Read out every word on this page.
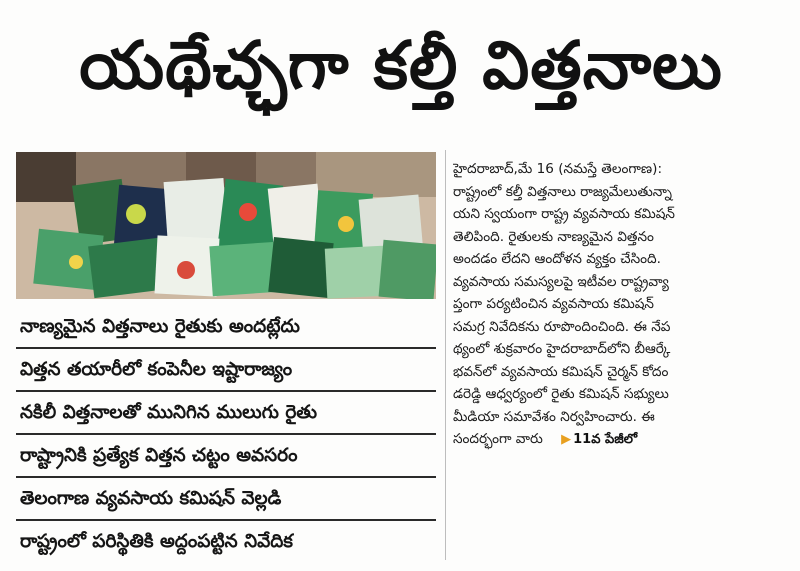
యథేచ్ఛగా కల్తీ విత్తనాలు
నాణ్యమైన విత్తనాలు రైతుకు అందట్లేదు
విత్తన తయారీలో కంపెనీల ఇష్టారాజ్యం
నకిలీ విత్తనాలతో మునిగిన ములుగు రైతు
రాష్ట్రానికి ప్రత్యేక విత్తన చట్టం అవసరం
తెలంగాణ వ్యవసాయ కమిషన్‌ వెల్లడి
రాష్ట్రంలో పరిస్థితికి అద్దంపట్టిన నివేదిక
హైదరాబాద్‌,మే 16 (నమస్తే తెలంగాణ):
రాష్ట్రంలో కల్తీ విత్తనాలు రాజ్యమేలుతున్నా
యని స్వయంగా రాష్ట్ర వ్యవసాయ కమిషన్‌
తెలిపింది. రైతులకు నాణ్యమైన విత్తనం
అందడం లేదని ఆందోళన వ్యక్తం చేసింది.
వ్యవసాయ సమస్యలపై ఇటీవల రాష్ట్రవ్యా
ప్తంగా పర్యటించిన వ్యవసాయ కమిషన్‌
సమగ్ర నివేదికను రూపొందించింది. ఈ నేప
థ్యంలో శుక్రవారం హైదరాబాద్‌లోని బీఆర్కే
భవన్‌లో వ్యవసాయ కమిషన్‌ చైర్మన్‌ కోదం
డరెడ్డి ఆధ్వర్యంలో రైతు కమిషన్‌ సభ్యులు
మీడియా సమావేశం నిర్వహించారు. ఈ
సందర్భంగా వారు ▶ 11వ పేజీలో
